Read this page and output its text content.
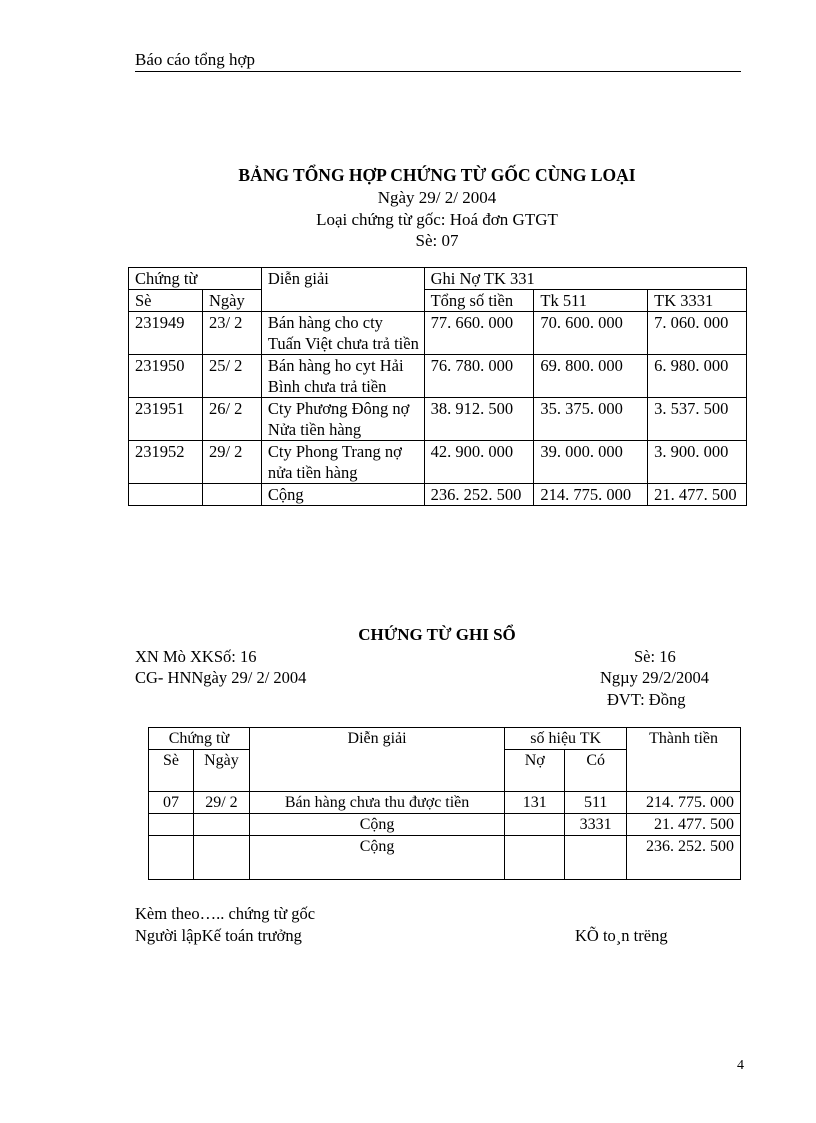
Báo cáo tổng hợp
BẢNG TỔNG HỢP CHỨNG TỪ GỐC CÙNG LOẠI
Ngày 29/ 2/ 2004
Loại chứng từ gốc: Hoá đơn GTGT
Sè: 07
Chứng từ		Diễn giải	Ghi Nợ TK 331		
Sè	Ngày		Tổng số tiền	Tk 511	TK 3331
231949	23/ 2	Bán hàng cho cty Tuấn Việt chưa trả tiền	77. 660. 000	70. 600. 000	7. 060. 000
231950	25/ 2	Bán hàng ho cyt Hải Bình chưa trả tiền	76. 780. 000	69. 800. 000	6. 980. 000
231951	26/ 2	Cty Phương Đông nợ Nửa tiền hàng	38. 912. 500	35. 375. 000	3. 537. 500
231952	29/ 2	Cty Phong Trang nợ nửa tiền hàng	42. 900. 000	39. 000. 000	3. 900. 000
		Cộng	236. 252. 500	214. 775. 000	21. 477. 500
CHỨNG TỪ GHI SỔ
XN Mò XKSố: 16	Sè: 16
CG- HNNgày 29/ 2/ 2004	Ngµy 29/2/2004
ĐVT: Đồng
Chứng từ		Diễn giải	số hiệu TK		Thành tiền
Sè	Ngày		Nợ	Có	
07	29/ 2	Bán hàng chưa thu được tiền	131	511	214. 775. 000
		Cộng		3331	21. 477. 500
		Cộng			236. 252. 500
Kèm theo….. chứng từ gốc
Người lậpKế toán trưởng	KÕ to¸n trëng
4
